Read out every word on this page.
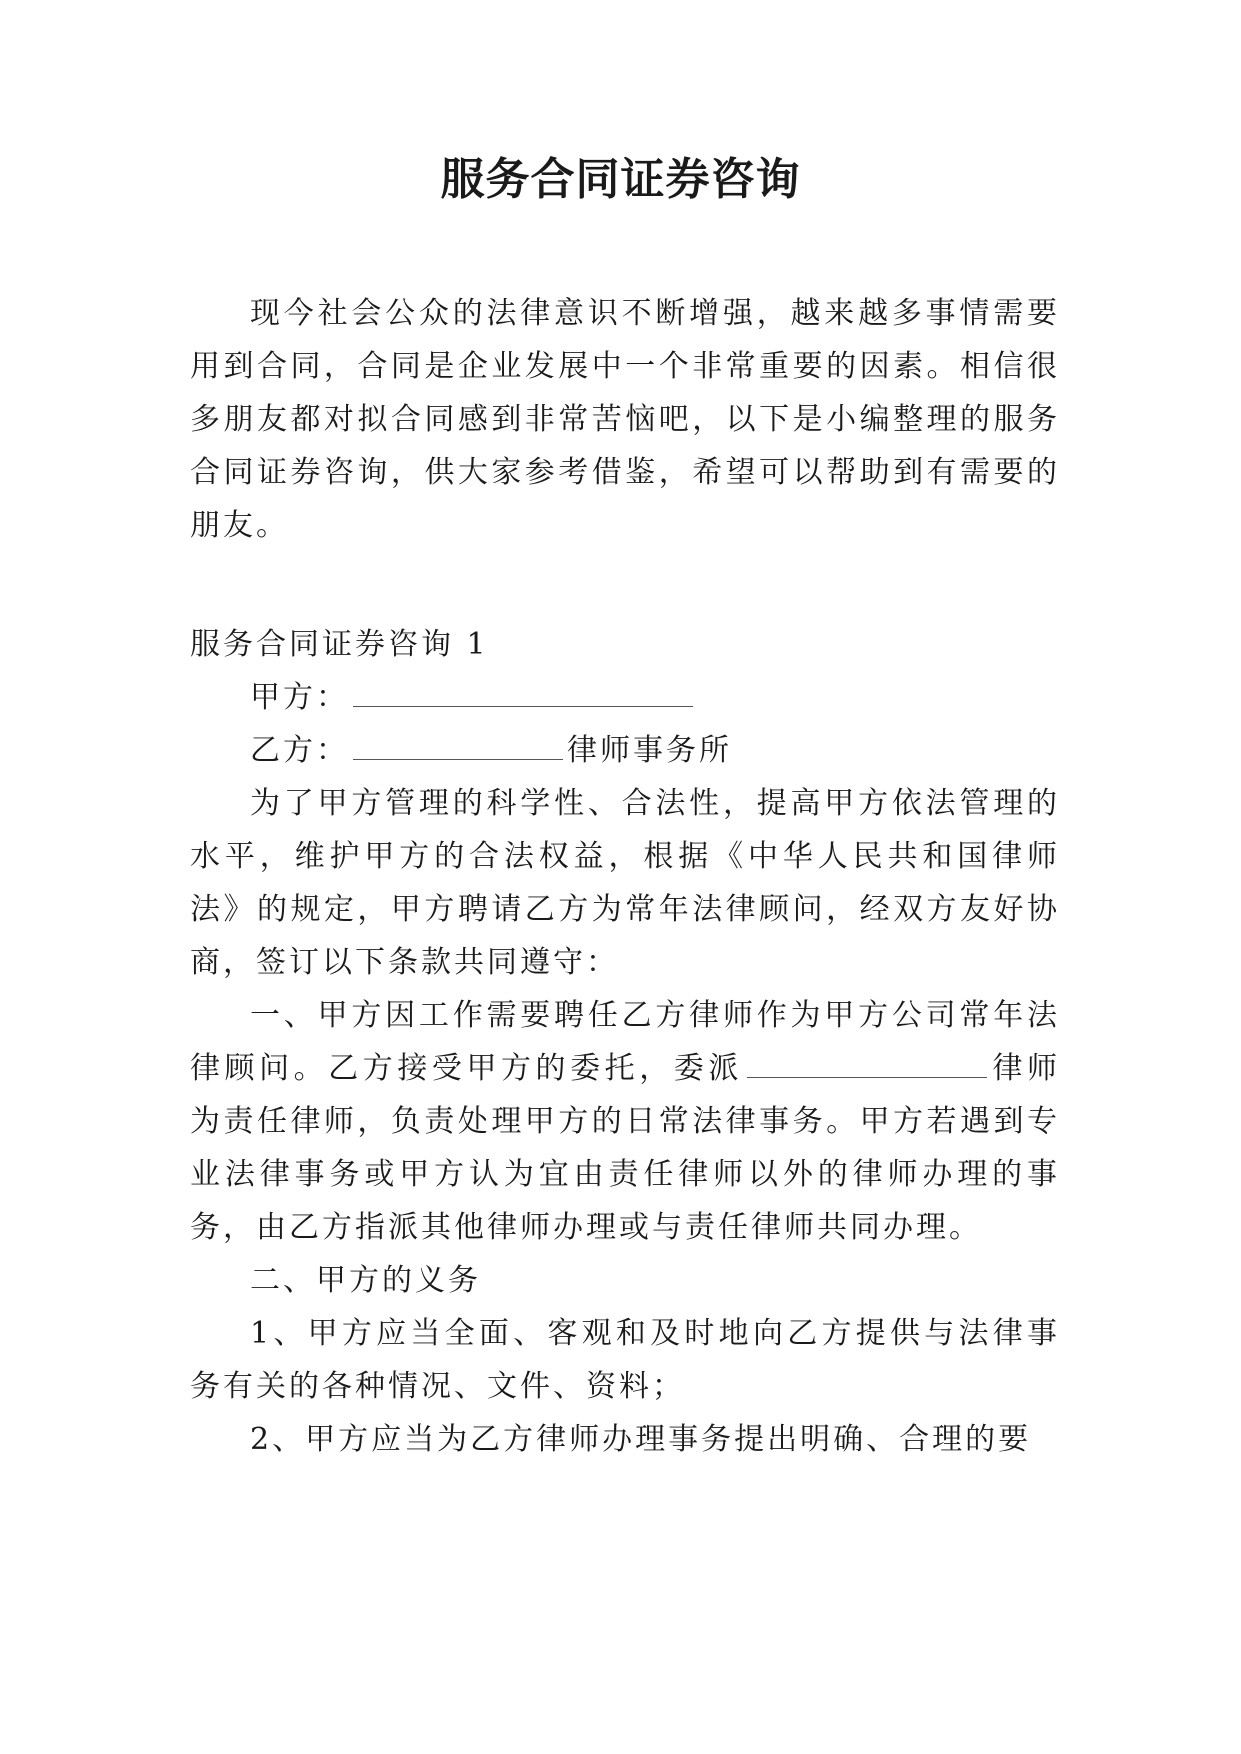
服务合同证券咨询

现今社会公众的法律意识不断增强，越来越多事情需要用到合同，合同是企业发展中一个非常重要的因素。相信很多朋友都对拟合同感到非常苦恼吧，以下是小编整理的服务合同证券咨询，供大家参考借鉴，希望可以帮助到有需要的朋友。

服务合同证券咨询 1

甲方：

乙方：	律师事务所

为了甲方管理的科学性、合法性，提高甲方依法管理的水平，维护甲方的合法权益，根据《中华人民共和国律师法》的规定，甲方聘请乙方为常年法律顾问，经双方友好协商，签订以下条款共同遵守：

一、甲方因工作需要聘任乙方律师作为甲方公司常年法律顾问。乙方接受甲方的委托，委派	律师为责任律师，负责处理甲方的日常法律事务。甲方若遇到专业法律事务或甲方认为宜由责任律师以外的律师办理的事务，由乙方指派其他律师办理或与责任律师共同办理。

二、甲方的义务

1、甲方应当全面、客观和及时地向乙方提供与法律事务有关的各种情况、文件、资料；

2、甲方应当为乙方律师办理事务提出明确、合理的要
